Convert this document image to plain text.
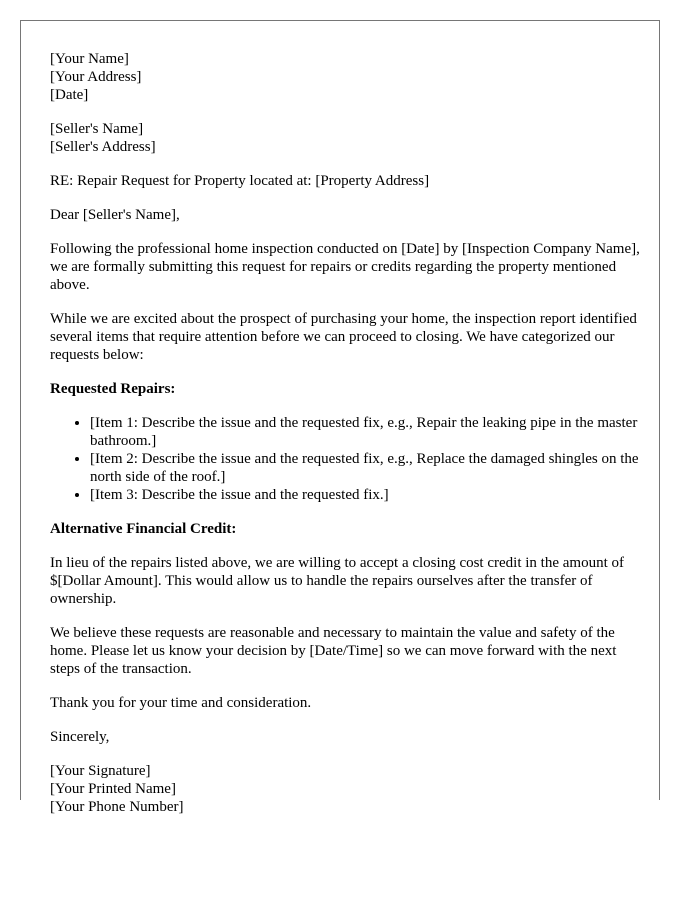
[Your Name]
[Your Address]
[Date]
[Seller's Name]
[Seller's Address]

RE: Repair Request for Property located at: [Property Address]

Dear [Seller's Name],

Following the professional home inspection conducted on [Date] by [Inspection Company Name], we are formally submitting this request for repairs or credits regarding the property mentioned above.

While we are excited about the prospect of purchasing your home, the inspection report identified several items that require attention before we can proceed to closing. We have categorized our requests below:

Requested Repairs:

• [Item 1: Describe the issue and the requested fix, e.g., Repair the leaking pipe in the master bathroom.]
• [Item 2: Describe the issue and the requested fix, e.g., Replace the damaged shingles on the north side of the roof.]
• [Item 3: Describe the issue and the requested fix.]

Alternative Financial Credit:

In lieu of the repairs listed above, we are willing to accept a closing cost credit in the amount of $[Dollar Amount]. This would allow us to handle the repairs ourselves after the transfer of ownership.

We believe these requests are reasonable and necessary to maintain the value and safety of the home. Please let us know your decision by [Date/Time] so we can move forward with the next steps of the transaction.

Thank you for your time and consideration.

Sincerely,

[Your Signature]
[Your Printed Name]
[Your Phone Number]
